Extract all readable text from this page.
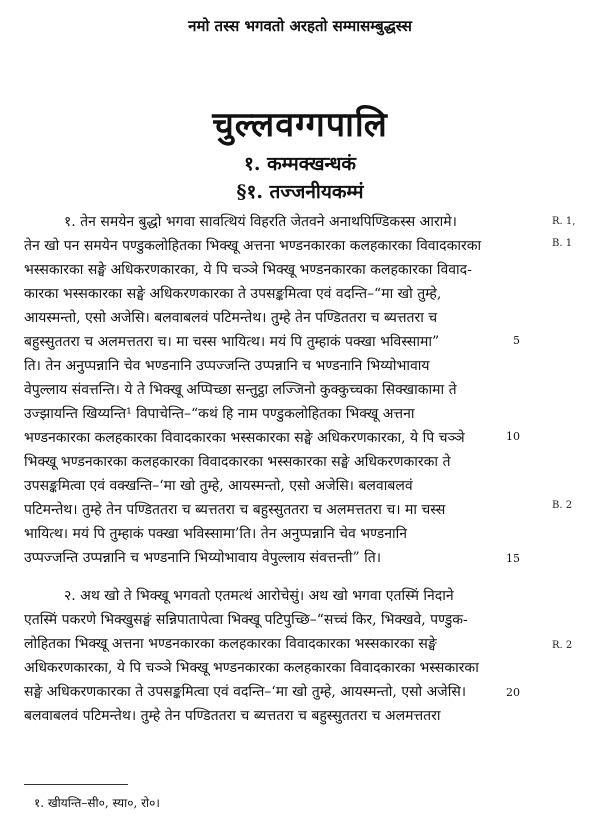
नमो तस्स भगवतो अरहतो सम्मासम्बुद्धस्स
चुल्लवग्गपालि
१. कम्मक्खन्धकं
§१. तज्जनीयकम्मं
१. तेन समयेन बुद्धो भगवा सावत्थियं विहरति जेतवने अनाथपिण्डिकस्स आरामे।
तेन खो पन समयेन पण्डुकलोहितका भिक्खू अत्तना भण्डनकारका कलहकारका विवादकारका
भस्सकारका सङ्घे अधिकरणकारका, ये पि चञ्ञे भिक्खू भण्डनकारका कलहकारका विवाद-
कारका भस्सकारका सङ्घे अधिकरणकारका ते उपसङ्कमित्वा एवं वदन्ति–“मा खो तुम्हे,
आयस्मन्तो, एसो अजेसि। बलवाबलवं पटिमन्तेथ। तुम्हे तेन पण्डिततरा च ब्यत्ततरा च
बहुस्सुततरा च अलमत्ततरा च। मा चस्स भायित्थ। मयं पि तुम्हाकं पक्खा भविस्सामा”
ति। तेन अनुप्पन्नानि चेव भण्डनानि उप्पज्जन्ति उप्पन्नानि च भण्डनानि भिय्योभावाय
वेपुल्लाय संवत्तन्ति। ये ते भिक्खू अप्पिच्छा सन्तुट्ठा लज्जिनो कुक्कुच्चका सिक्खाकामा ते
उज्झायन्ति खिय्यन्ति¹ विपाचेन्ति–“कथं हि नाम पण्डुकलोहितका भिक्खू अत्तना
भण्डनकारका कलहकारका विवादकारका भस्सकारका सङ्घे अधिकरणकारका, ये पि चञ्ञे
भिक्खू भण्डनकारका कलहकारका विवादकारका भस्सकारका सङ्घे अधिकरणकारका ते
उपसङ्कमित्वा एवं वक्खन्ति–‘मा खो तुम्हे, आयस्मन्तो, एसो अजेसि। बलवाबलवं
पटिमन्तेथ। तुम्हे तेन पण्डिततरा च ब्यत्ततरा च बहुस्सुततरा च अलमत्ततरा च। मा चस्स
भायित्थ। मयं पि तुम्हाकं पक्खा भविस्सामा’ति। तेन अनुप्पन्नानि चेव भण्डनानि
उप्पज्जन्ति उप्पन्नानि च भण्डनानि भिय्योभावाय वेपुल्लाय संवत्तन्ती” ति।
२. अथ खो ते भिक्खू भगवतो एतमत्थं आरोचेसुं। अथ खो भगवा एतस्मिं निदाने
एतस्मिं पकरणे भिक्खुसङ्घं सन्निपातापेत्वा भिक्खू पटिपुच्छि–“सच्चं किर, भिक्खवे, पण्डुक-
लोहितका भिक्खू अत्तना भण्डनकारका कलहकारका विवादकारका भस्सकारका सङ्घे
अधिकरणकारका, ये पि चञ्ञे भिक्खू भण्डनकारका कलहकारका विवादकारका भस्सकारका
सङ्घे अधिकरणकारका ते उपसङ्कमित्वा एवं वदन्ति–‘मा खो तुम्हे, आयस्मन्तो, एसो अजेसि।
बलवाबलवं पटिमन्तेथ। तुम्हे तेन पण्डिततरा च ब्यत्ततरा च बहुस्सुततरा च अलमत्ततरा
5
10
15
20
R. 1,
B. 1
B. 2
R. 2
१. खीयन्ति–सी०, स्या०, रो०।
